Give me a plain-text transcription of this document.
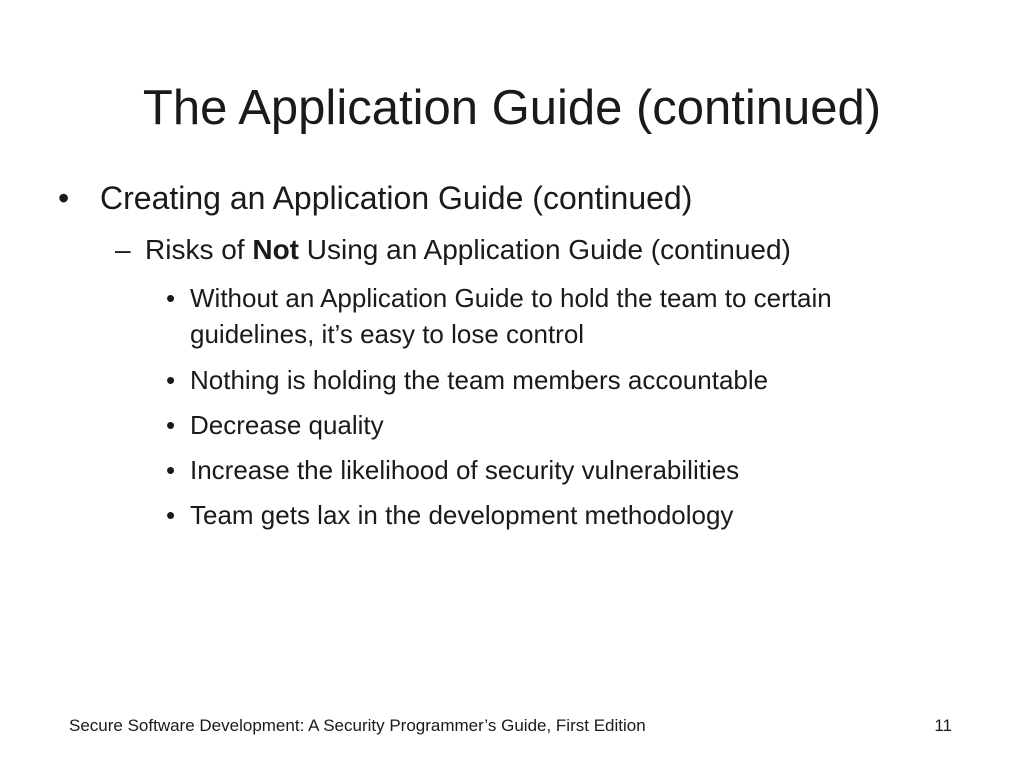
The Application Guide (continued)
• Creating an Application Guide (continued)
– Risks of Not Using an Application Guide (continued)
• Without an Application Guide to hold the team to certain guidelines, it’s easy to lose control
• Nothing is holding the team members accountable
• Decrease quality
• Increase the likelihood of security vulnerabilities
• Team gets lax in the development methodology
Secure Software Development: A Security Programmer’s Guide, First Edition	11
